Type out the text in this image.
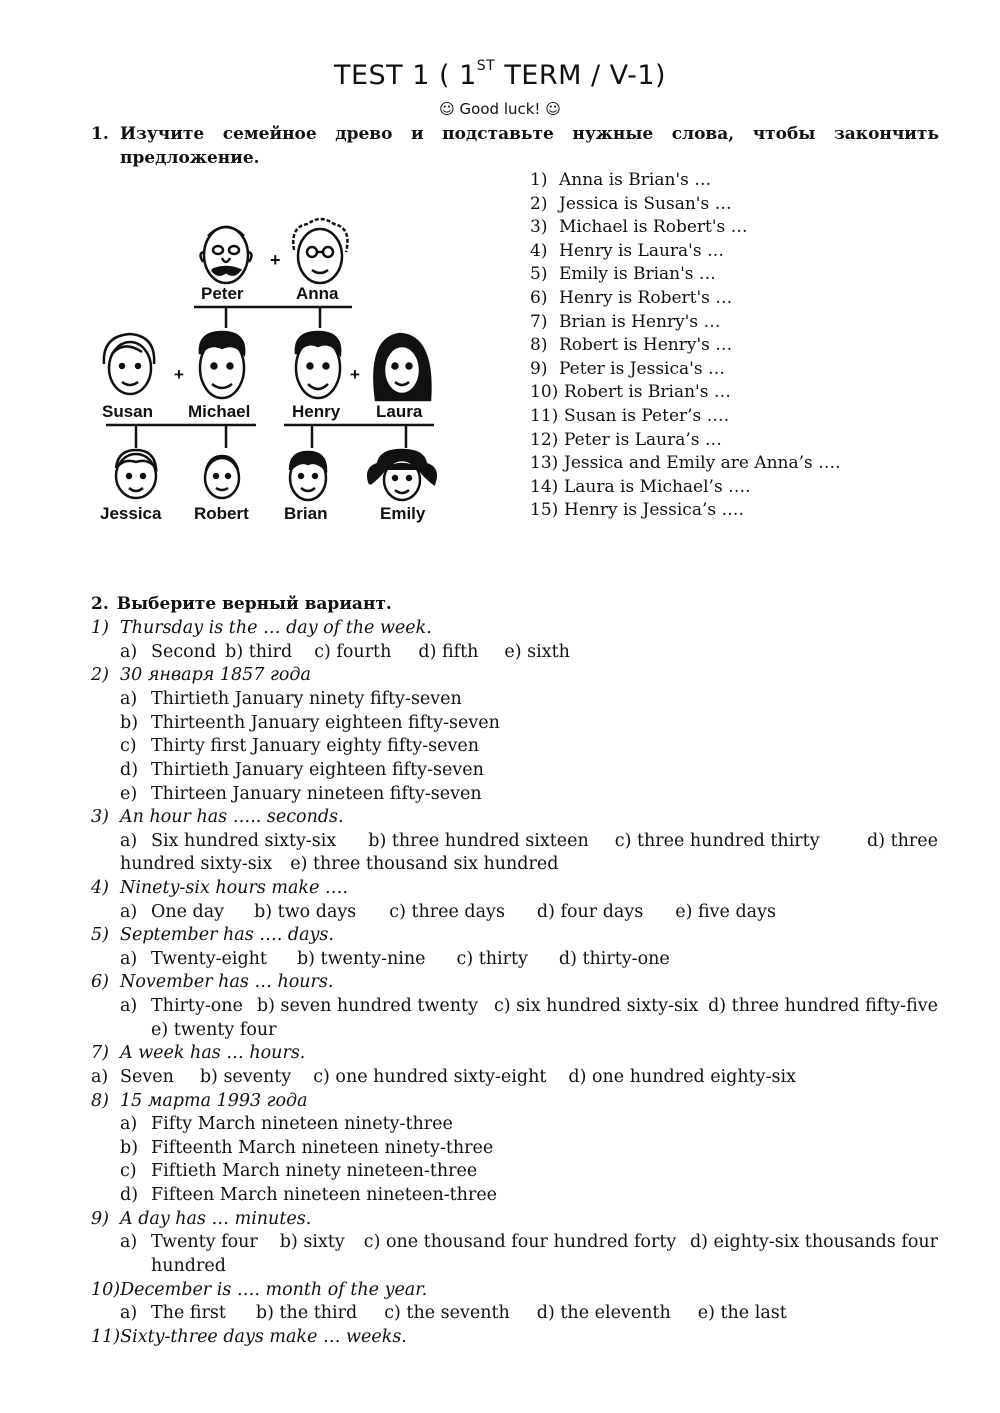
TEST 1 ( 1ST TERM / V-1)
☺ Good luck! ☺
1. Изучите семейное древо и подставьте нужные слова, чтобы закончить предложение.
1) Anna is Brian's …
2) Jessica is Susan's …
3) Michael is Robert's …
4) Henry is Laura's …
5) Emily is Brian's …
6) Henry is Robert's …
7) Brian is Henry's …
8) Robert is Henry's …
9) Peter is Jessica's …
10) Robert is Brian's …
11) Susan is Peter’s ….
12) Peter is Laura’s …
13) Jessica and Emily are Anna’s ….
14) Laura is Michael’s ….
15) Henry is Jessica’s ….
+
Peter	Anna
+	+
Susan Michael Henry Laura
Jessica Robert Brian	Emily
2. Выберите верный вариант.
1) Thursday is the … day of the week.
a) Second b) third c) fourth d) fifth e) sixth
2) 30 января 1857 года
a) Thirtieth January ninety fifty-seven
b) Thirteenth January eighteen fifty-seven
c) Thirty first January eighty fifty-seven
d) Thirtieth January eighteen fifty-seven
e) Thirteen January nineteen fifty-seven
3) An hour has ….. seconds.
a) Six hundred sixty-six b) three hundred sixteen c) three hundred thirty	d) three
hundred sixty-six e) three thousand six hundred
4) Ninety-six hours make ….
a) One day b) two days c) three days d) four days e) five days
5) September has …. days.
a) Twenty-eight b) twenty-nine c) thirty d) thirty-one
6) November has … hours.
a) Thirty-one b) seven hundred twenty c) six hundred sixty-six d) three hundred fifty-five
e) twenty four
7) A week has … hours.
a) Seven b) seventy c) one hundred sixty-eight d) one hundred eighty-six
8) 15 марта 1993 года
a) Fifty March nineteen ninety-three
b) Fifteenth March nineteen ninety-three
c) Fiftieth March ninety nineteen-three
d) Fifteen March nineteen nineteen-three
9) A day has … minutes.
a) Twenty four b) sixty c) one thousand four hundred forty d) eighty-six thousands four
hundred
10)December is …. month of the year.
a) The first b) the third c) the seventh d) the eleventh e) the last
11)Sixty-three days make … weeks.
